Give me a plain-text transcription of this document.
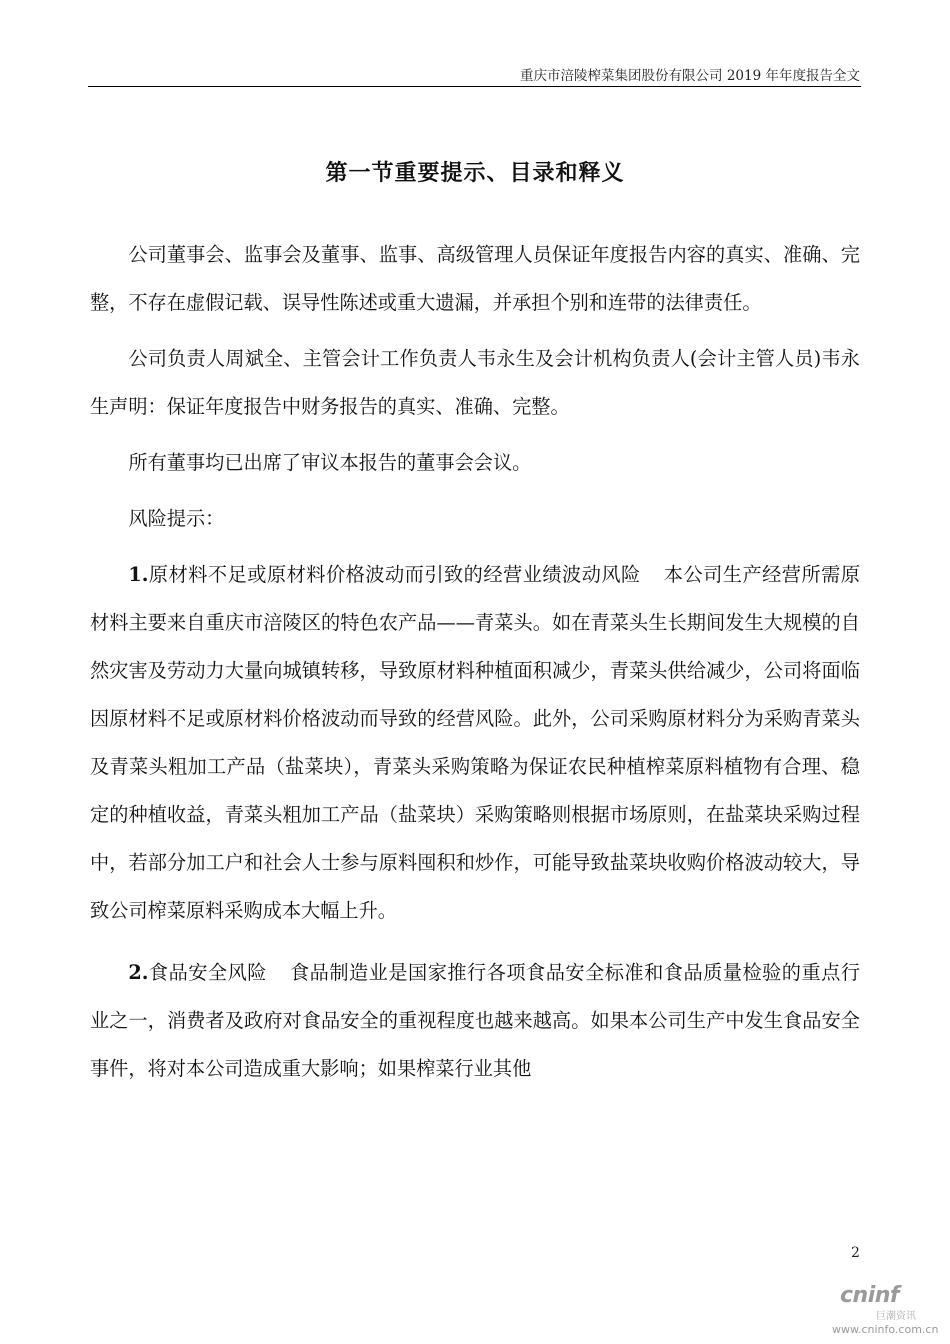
重庆市涪陵榨菜集团股份有限公司 2019 年年度报告全文
第一节重要提示、目录和释义

公司董事会、监事会及董事、监事、高级管理人员保证年度报告内容的真实、准确、完整，不存在虚假记载、误导性陈述或重大遗漏，并承担个别和连带的法律责任。

公司负责人周斌全、主管会计工作负责人韦永生及会计机构负责人(会计主管人员)韦永生声明：保证年度报告中财务报告的真实、准确、完整。

所有董事均已出席了审议本报告的董事会会议。

风险提示：

1.原材料不足或原材料价格波动而引致的经营业绩波动风险 本公司生产经营所需原材料主要来自重庆市涪陵区的特色农产品——青菜头。如在青菜头生长期间发生大规模的自然灾害及劳动力大量向城镇转移，导致原材料种植面积减少，青菜头供给减少，公司将面临因原材料不足或原材料价格波动而导致的经营风险。此外，公司采购原材料分为采购青菜头及青菜头粗加工产品（盐菜块），青菜头采购策略为保证农民种植榨菜原料植物有合理、稳定的种植收益，青菜头粗加工产品（盐菜块）采购策略则根据市场原则，在盐菜块采购过程中，若部分加工户和社会人士参与原料囤积和炒作，可能导致盐菜块收购价格波动较大，导致公司榨菜原料采购成本大幅上升。

2.食品安全风险 食品制造业是国家推行各项食品安全标准和食品质量检验的重点行业之一，消费者及政府对食品安全的重视程度也越来越高。如果本公司生产中发生食品安全事件，将对本公司造成重大影响；如果榨菜行业其他

2
cninf
巨潮资讯
www.cninfo.com.cn
